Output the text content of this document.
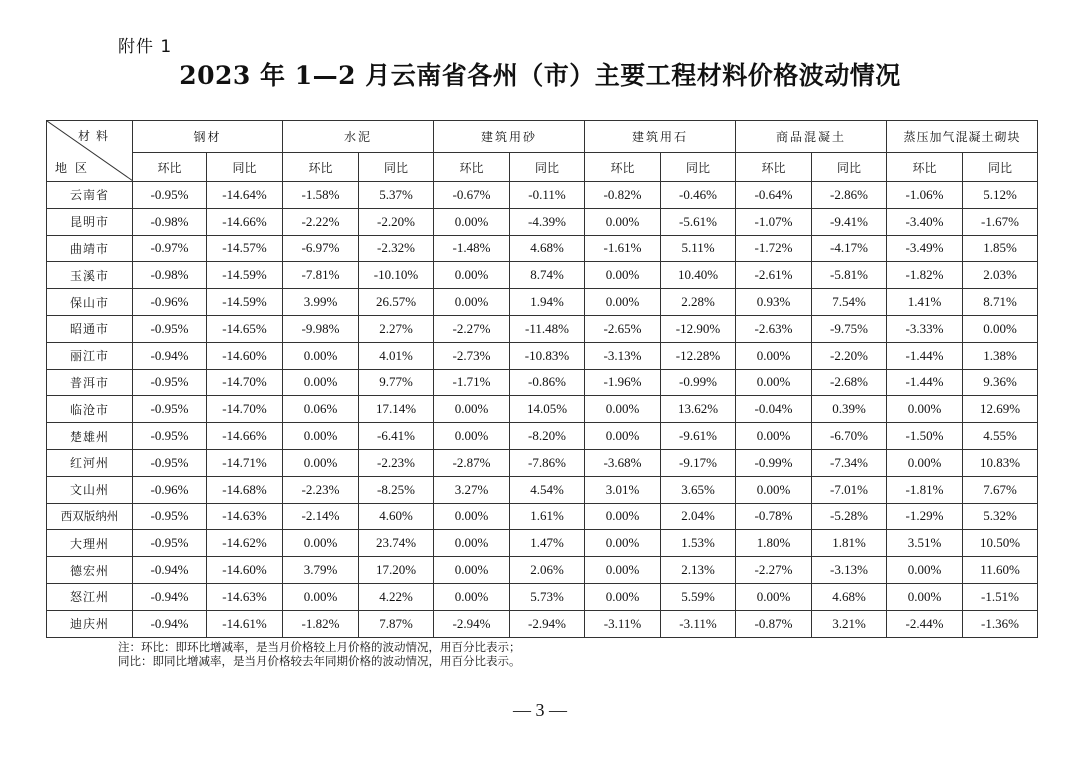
附件 1
2023 年 1—2 月云南省各州（市）主要工程材料价格波动情况
材料
地区	钢材		水泥		建筑用砂		建筑用石		商品混凝土		蒸压加气混凝土砌块	
	环比	同比	环比	同比	环比	同比	环比	同比	环比	同比	环比	同比
云南省	-0.95%	-14.64%	-1.58%	5.37%	-0.67%	-0.11%	-0.82%	-0.46%	-0.64%	-2.86%	-1.06%	5.12%
昆明市	-0.98%	-14.66%	-2.22%	-2.20%	0.00%	-4.39%	0.00%	-5.61%	-1.07%	-9.41%	-3.40%	-1.67%
曲靖市	-0.97%	-14.57%	-6.97%	-2.32%	-1.48%	4.68%	-1.61%	5.11%	-1.72%	-4.17%	-3.49%	1.85%
玉溪市	-0.98%	-14.59%	-7.81%	-10.10%	0.00%	8.74%	0.00%	10.40%	-2.61%	-5.81%	-1.82%	2.03%
保山市	-0.96%	-14.59%	3.99%	26.57%	0.00%	1.94%	0.00%	2.28%	0.93%	7.54%	1.41%	8.71%
昭通市	-0.95%	-14.65%	-9.98%	2.27%	-2.27%	-11.48%	-2.65%	-12.90%	-2.63%	-9.75%	-3.33%	0.00%
丽江市	-0.94%	-14.60%	0.00%	4.01%	-2.73%	-10.83%	-3.13%	-12.28%	0.00%	-2.20%	-1.44%	1.38%
普洱市	-0.95%	-14.70%	0.00%	9.77%	-1.71%	-0.86%	-1.96%	-0.99%	0.00%	-2.68%	-1.44%	9.36%
临沧市	-0.95%	-14.70%	0.06%	17.14%	0.00%	14.05%	0.00%	13.62%	-0.04%	0.39%	0.00%	12.69%
楚雄州	-0.95%	-14.66%	0.00%	-6.41%	0.00%	-8.20%	0.00%	-9.61%	0.00%	-6.70%	-1.50%	4.55%
红河州	-0.95%	-14.71%	0.00%	-2.23%	-2.87%	-7.86%	-3.68%	-9.17%	-0.99%	-7.34%	0.00%	10.83%
文山州	-0.96%	-14.68%	-2.23%	-8.25%	3.27%	4.54%	3.01%	3.65%	0.00%	-7.01%	-1.81%	7.67%
西双版纳州	-0.95%	-14.63%	-2.14%	4.60%	0.00%	1.61%	0.00%	2.04%	-0.78%	-5.28%	-1.29%	5.32%
大理州	-0.95%	-14.62%	0.00%	23.74%	0.00%	1.47%	0.00%	1.53%	1.80%	1.81%	3.51%	10.50%
德宏州	-0.94%	-14.60%	3.79%	17.20%	0.00%	2.06%	0.00%	2.13%	-2.27%	-3.13%	0.00%	11.60%
怒江州	-0.94%	-14.63%	0.00%	4.22%	0.00%	5.73%	0.00%	5.59%	0.00%	4.68%	0.00%	-1.51%
迪庆州	-0.94%	-14.61%	-1.82%	7.87%	-2.94%	-2.94%	-3.11%	-3.11%	-0.87%	3.21%	-2.44%	-1.36%
注：环比：即环比增减率，是当月价格较上月价格的波动情况，用百分比表示；
同比：即同比增减率，是当月价格较去年同期价格的波动情况，用百分比表示。
— 3 —
